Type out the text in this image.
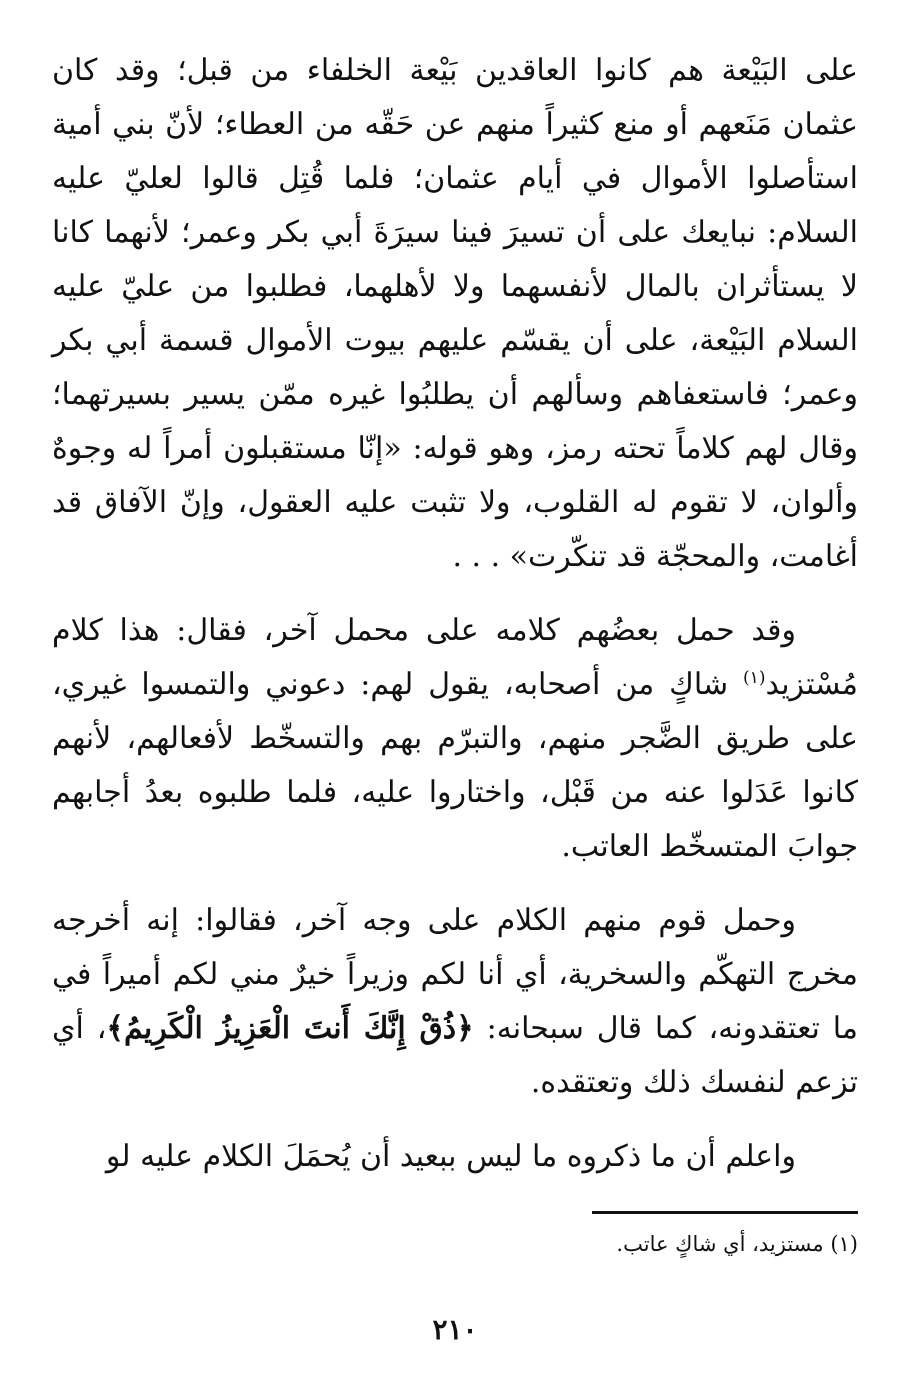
على البَيْعة هم كانوا العاقدين بَيْعة الخلفاء من قبل؛ وقد كان عثمان مَنَعهم أو منع كثيراً منهم عن حَقّه من العطاء؛ لأنّ بني أمية استأصلوا الأموال في أيام عثمان؛ فلما قُتِل قالوا لعليّ عليه السلام: نبايعك على أن تسيرَ فينا سيرَةَ أبي بكر وعمر؛ لأنهما كانا لا يستأثران بالمال لأنفسهما ولا لأهلهما، فطلبوا من عليّ عليه السلام البَيْعة، على أن يقسّم عليهم بيوت الأموال قسمة أبي بكر وعمر؛ فاستعفاهم وسألهم أن يطلبُوا غيره ممّن يسير بسيرتهما؛ وقال لهم كلاماً تحته رمز، وهو قوله: «إنّا مستقبلون أمراً له وجوهٌ وألوان، لا تقوم له القلوب، ولا تثبت عليه العقول، وإنّ الآفاق قد أغامت، والمحجّة قد تنكّرت» . . .

وقد حمل بعضُهم كلامه على محمل آخر، فقال: هذا كلام مُسْتزيد$^{(١)}$ شاكٍ من أصحابه، يقول لهم: دعوني والتمسوا غيري، على طريق الضَّجر منهم، والتبرّم بهم والتسخّط لأفعالهم، لأنهم كانوا عَدَلوا عنه من قَبْل، واختاروا عليه، فلما طلبوه بعدُ أجابهم جوابَ المتسخّط العاتب.

وحمل قوم منهم الكلام على وجه آخر، فقالوا: إنه أخرجه مخرج التهكّم والسخرية، أي أنا لكم وزيراً خيرٌ مني لكم أميراً في ما تعتقدونه، كما قال سبحانه: ﴿ذُقْ إِنَّكَ أَنتَ الْعَزِيزُ الْكَرِيمُ﴾، أي تزعم لنفسك ذلك وتعتقده.

واعلم أن ما ذكروه ما ليس ببعيد أن يُحمَلَ الكلام عليه لو

(١) مستزيد، أي شاكٍ عاتب.

٢١٠
